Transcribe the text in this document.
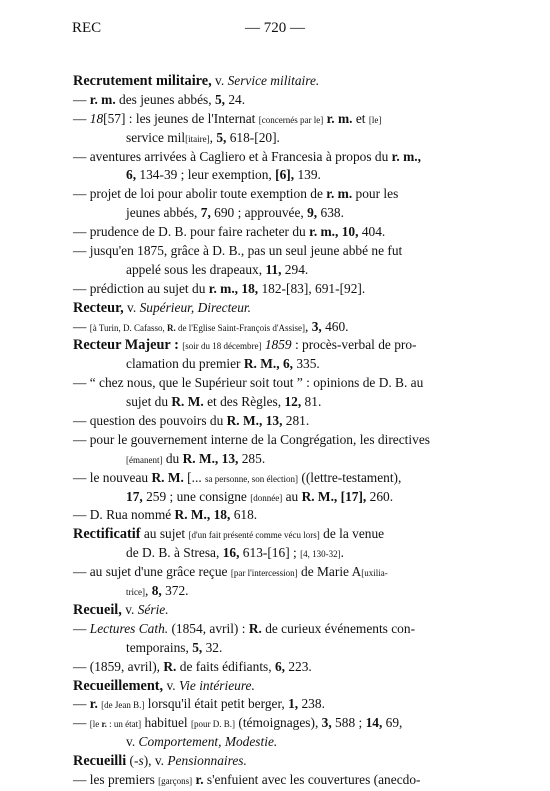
REC	— 720 —
Recrutement militaire, v. Service militaire.
— r. m. des jeunes abbés, 5, 24.
— 18[57] : les jeunes de l'Internat [concernés par le] r. m. et [le]
service mil[itaire], 5, 618-[20].
— aventures arrivées à Cagliero et à Francesia à propos du r. m.,
6, 134-39 ; leur exemption, [6], 139.
— projet de loi pour abolir toute exemption de r. m. pour les
jeunes abbés, 7, 690 ; approuvée, 9, 638.
— prudence de D. B. pour faire racheter du r. m., 10, 404.
— jusqu'en 1875, grâce à D. B., pas un seul jeune abbé ne fut
appelé sous les drapeaux, 11, 294.
— prédiction au sujet du r. m., 18, 182-[83], 691-[92].
Recteur, v. Supérieur, Directeur.
— [à Turin, D. Cafasso, R. de l'Eglise Saint-François d'Assise], 3, 460.
Recteur Majeur : [soir du 18 décembre] 1859 : procès-verbal de pro-
clamation du premier R. M., 6, 335.
— “ chez nous, que le Supérieur soit tout ” : opinions de D. B. au
sujet du R. M. et des Règles, 12, 81.
— question des pouvoirs du R. M., 13, 281.
— pour le gouvernement interne de la Congrégation, les directives
[émanent] du R. M., 13, 285.
— le nouveau R. M. [... sa personne, son élection] ((lettre-testament),
17, 259 ; une consigne [donnée] au R. M., [17], 260.
— D. Rua nommé R. M., 18, 618.
Rectificatif au sujet [d'un fait présenté comme vécu lors] de la venue
de D. B. à Stresa, 16, 613-[16] ; [4, 130-32].
— au sujet d'une grâce reçue [par l'intercession] de Marie A[uxilia-
trice], 8, 372.
Recueil, v. Série.
— Lectures Cath. (1854, avril) : R. de curieux événements con-
temporains, 5, 32.
— (1859, avril), R. de faits édifiants, 6, 223.
Recueillement, v. Vie intérieure.
— r. [de Jean B.] lorsqu'il était petit berger, 1, 238.
— [le r. : un état] habituel [pour D. B.] (témoignages), 3, 588 ; 14, 69,
v. Comportement, Modestie.
Recueilli (-s), v. Pensionnaires.
— les premiers [garçons] r. s'enfuient avec les couvertures (anecdo-
